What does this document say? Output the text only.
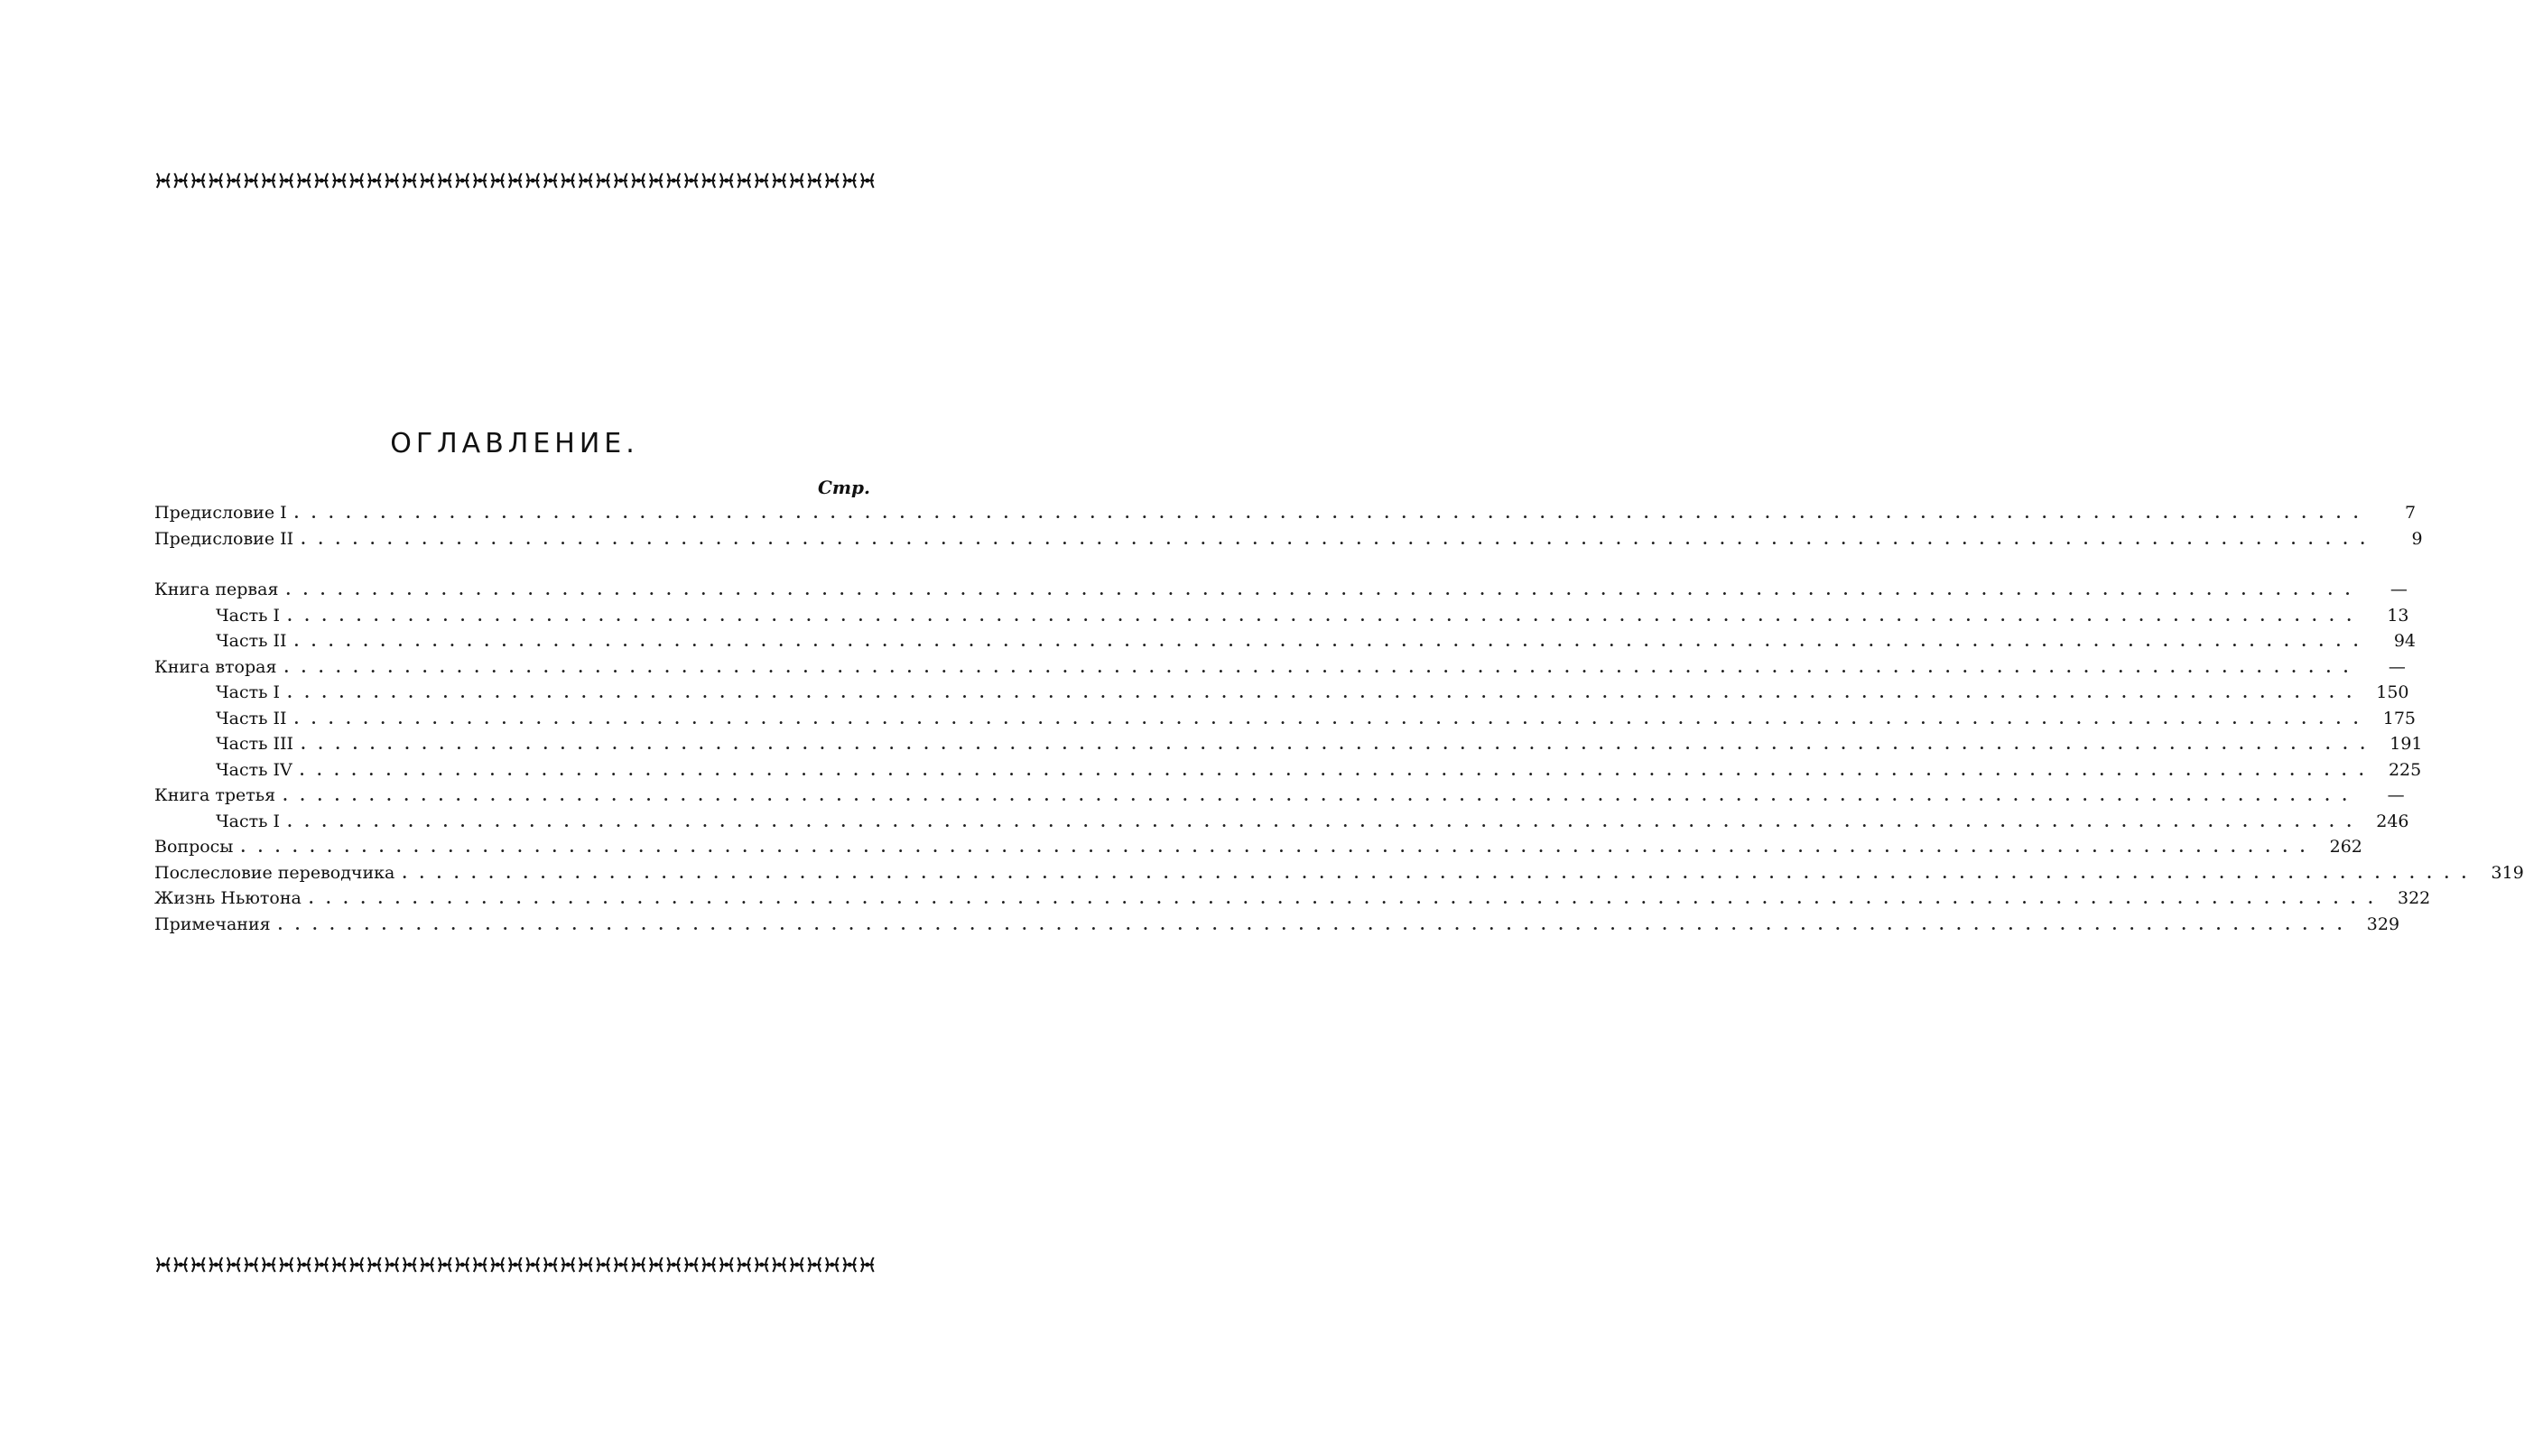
ОГЛАВЛЕНИЕ.
Стр.
Предисловие I ........................................................................................................................	7
Предисловие II ........................................................................................................................	9
Книга первая ........................................................................................................................	—
Часть I ........................................................................................................................	13
Часть II ........................................................................................................................	94
Книга вторая ........................................................................................................................	—
Часть I ........................................................................................................................ 150
Часть II ........................................................................................................................ 175
Часть III ........................................................................................................................ 191
Часть IV ........................................................................................................................ 225
Книга третья ........................................................................................................................	—
Часть I ........................................................................................................................ 246
Вопросы ........................................................................................................................ 262
Послесловие переводчика ........................................................................................................................ 319
Жизнь Ньютона ........................................................................................................................ 322
Примечания ........................................................................................................................ 329
